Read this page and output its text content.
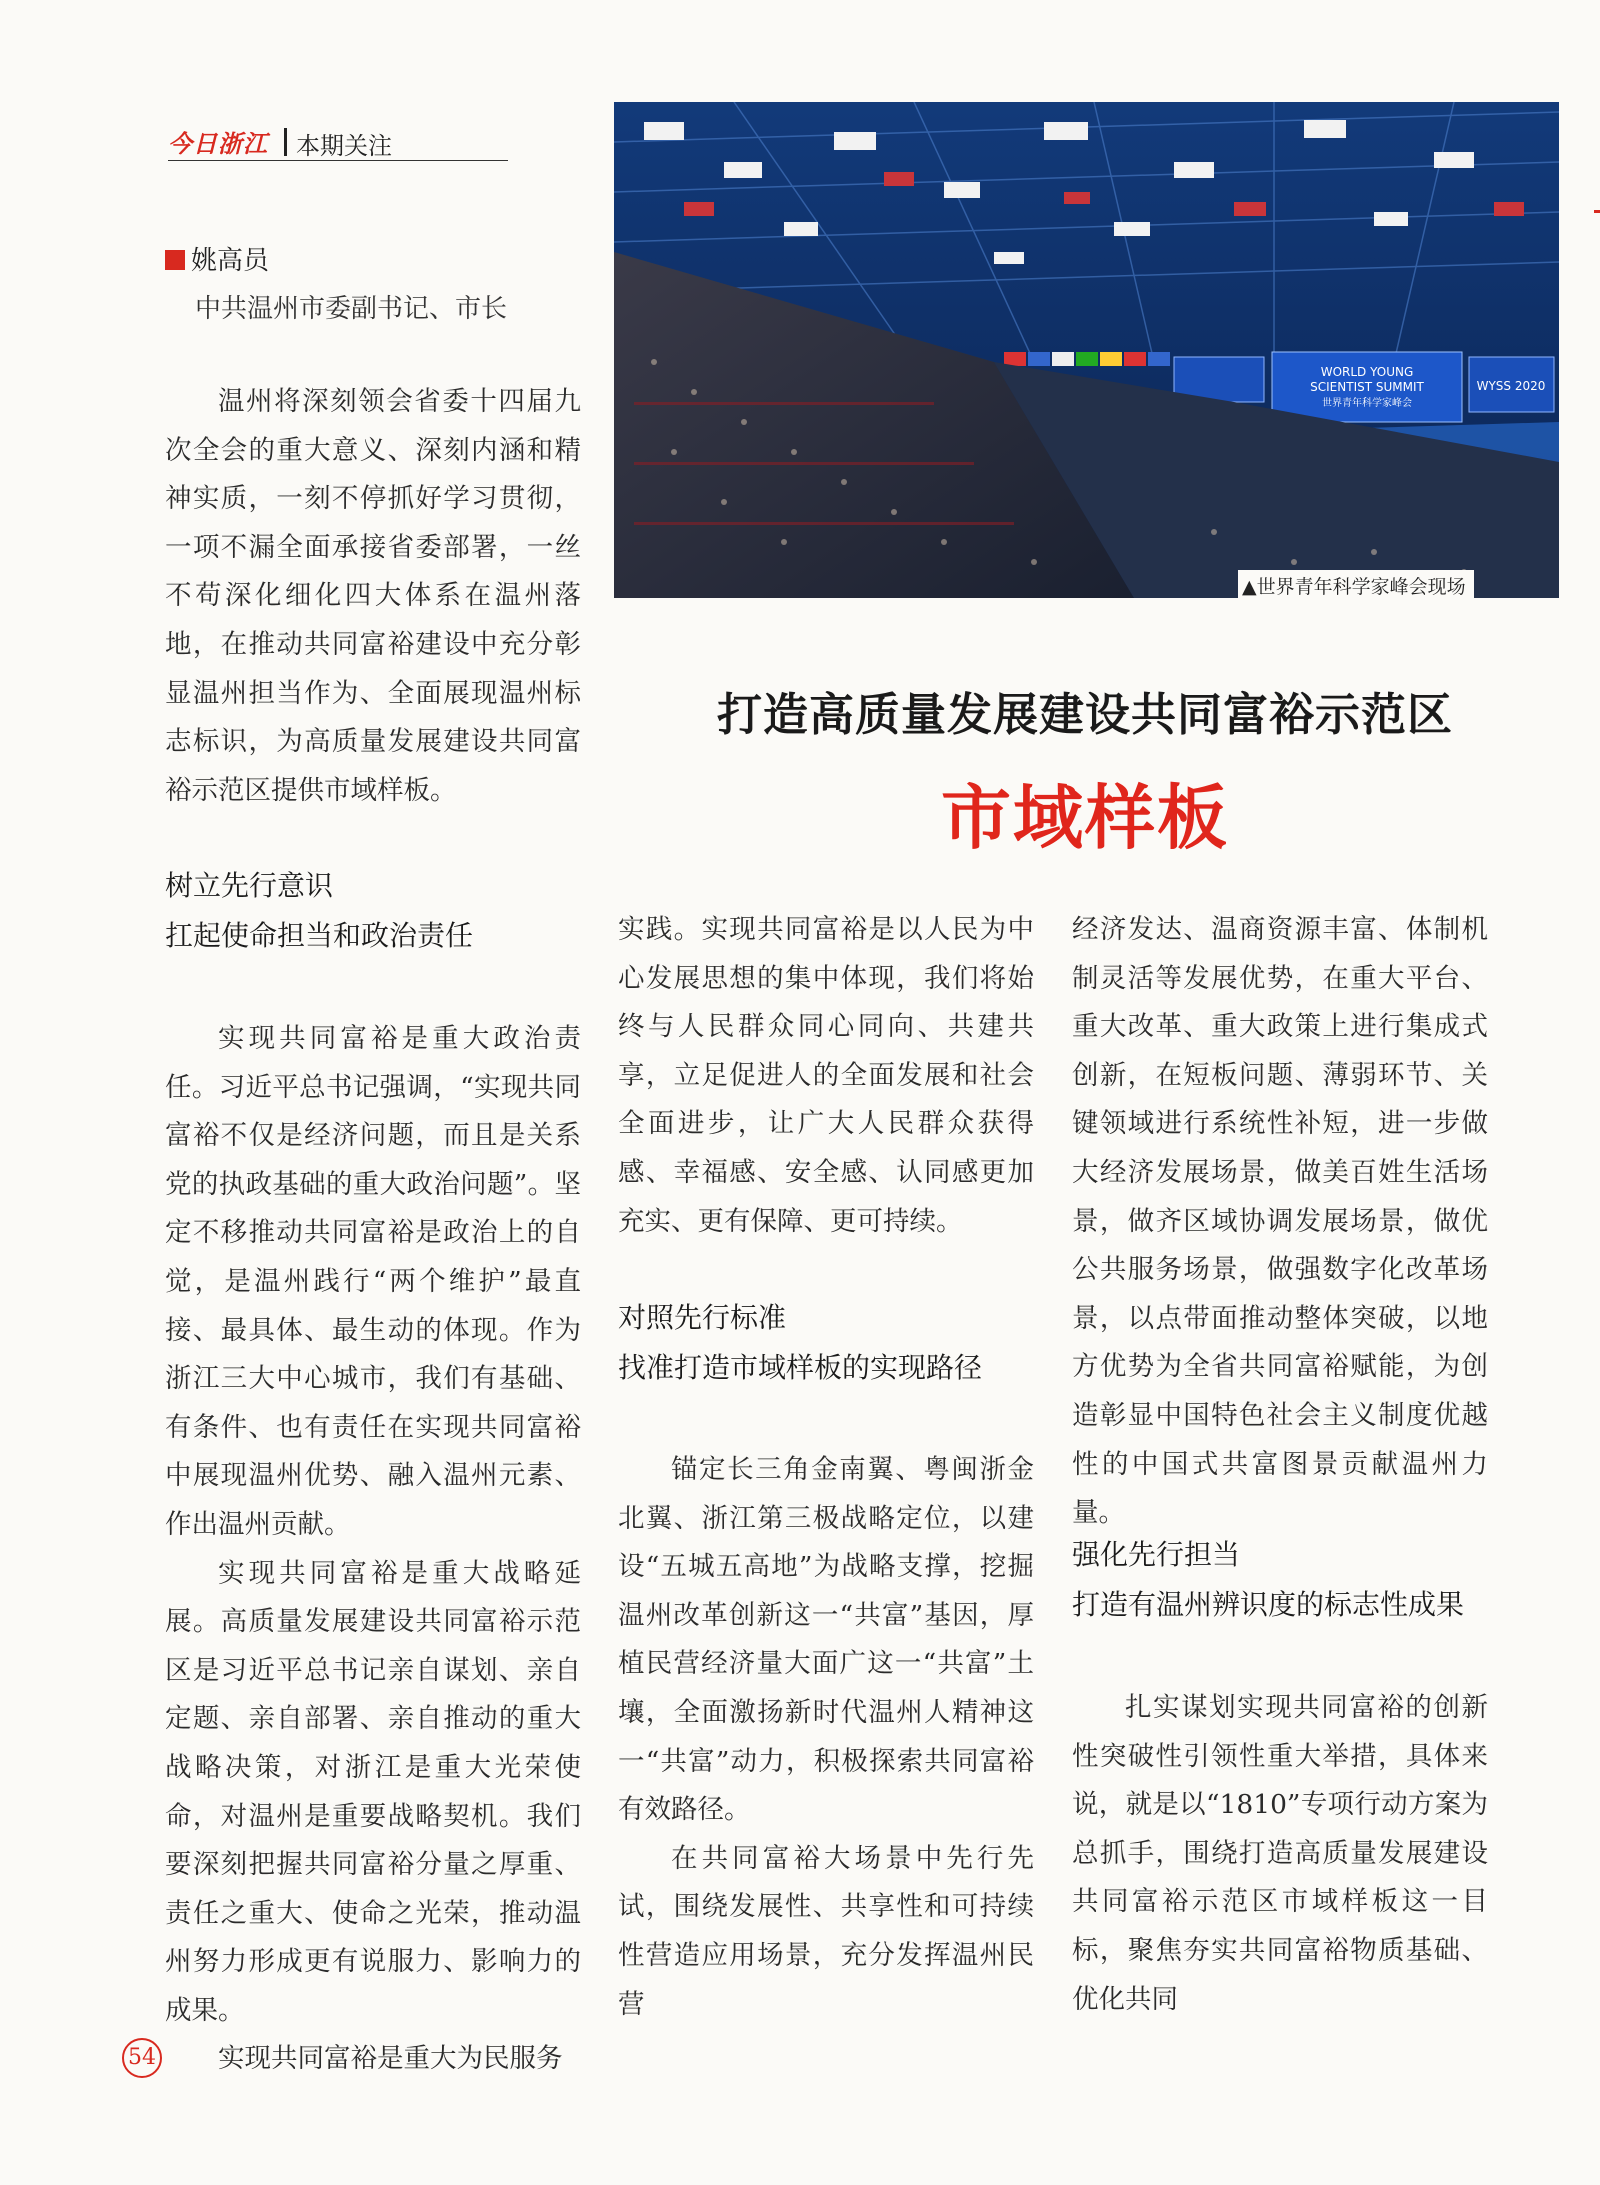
今日浙江 本期关注
姚高员
中共温州市委副书记、市长

温州将深刻领会省委十四届九次全会的重大意义、深刻内涵和精神实质，一刻不停抓好学习贯彻，一项不漏全面承接省委部署，一丝不苟深化细化四大体系在温州落地，在推动共同富裕建设中充分彰显温州担当作为、全面展现温州标志标识，为高质量发展建设共同富裕示范区提供市域样板。

树立先行意识
扛起使命担当和政治责任

实现共同富裕是重大政治责任。习近平总书记强调，“实现共同富裕不仅是经济问题，而且是关系党的执政基础的重大政治问题”。坚定不移推动共同富裕是政治上的自觉，是温州践行“两个维护”最直接、最具体、最生动的体现。作为浙江三大中心城市，我们有基础、有条件、也有责任在实现共同富裕中展现温州优势、融入温州元素、作出温州贡献。

实现共同富裕是重大战略延展。高质量发展建设共同富裕示范区是习近平总书记亲自谋划、亲自定题、亲自部署、亲自推动的重大战略决策，对浙江是重大光荣使命，对温州是重要战略契机。我们要深刻把握共同富裕分量之厚重、责任之重大、使命之光荣，推动温州努力形成更有说服力、影响力的成果。

实现共同富裕是重大为民服务

WORLD YOUNG
SCIENTIST SUMMIT
世界青年科学家峰会
WYSS 2020
▲世界青年科学家峰会现场
打造高质量发展建设共同富裕示范区
市域样板

实践。实现共同富裕是以人民为中心发展思想的集中体现，我们将始终与人民群众同心同向、共建共享，立足促进人的全面发展和社会全面进步，让广大人民群众获得感、幸福感、安全感、认同感更加充实、更有保障、更可持续。

对照先行标准
找准打造市域样板的实现路径

锚定长三角金南翼、粤闽浙金北翼、浙江第三极战略定位，以建设“五城五高地”为战略支撑，挖掘温州改革创新这一“共富”基因，厚植民营经济量大面广这一“共富”土壤，全面激扬新时代温州人精神这一“共富”动力，积极探索共同富裕有效路径。

在共同富裕大场景中先行先试，围绕发展性、共享性和可持续性营造应用场景，充分发挥温州民营

经济发达、温商资源丰富、体制机制灵活等发展优势，在重大平台、重大改革、重大政策上进行集成式创新，在短板问题、薄弱环节、关键领域进行系统性补短，进一步做大经济发展场景，做美百姓生活场景，做齐区域协调发展场景，做优公共服务场景，做强数字化改革场景，以点带面推动整体突破，以地方优势为全省共同富裕赋能，为创造彰显中国特色社会主义制度优越性的中国式共富图景贡献温州力量。

强化先行担当
打造有温州辨识度的标志性成果

扎实谋划实现共同富裕的创新性突破性引领性重大举措，具体来说，就是以“1810”专项行动方案为总抓手，围绕打造高质量发展建设共同富裕示范区市域样板这一目标，聚焦夯实共同富裕物质基础、优化共同

54
